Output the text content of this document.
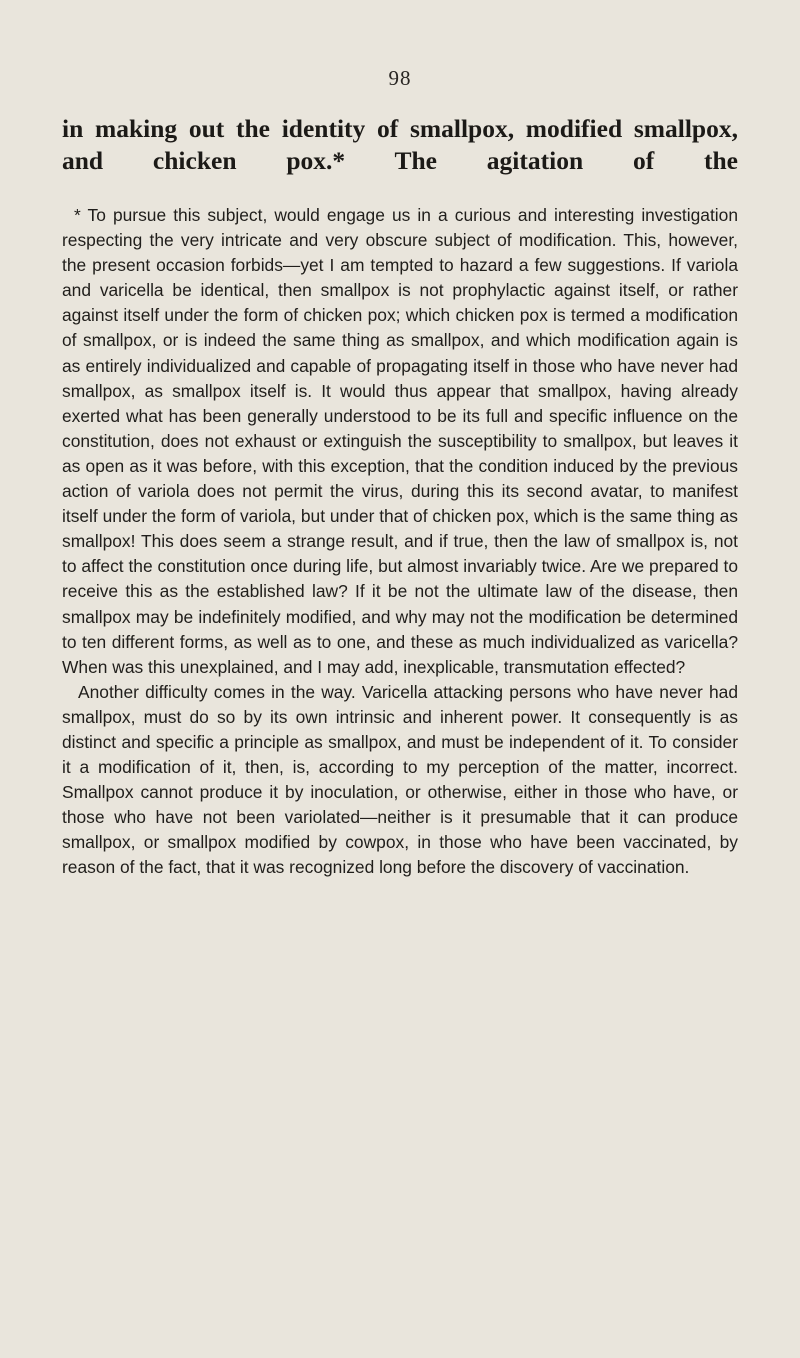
98

in making out the identity of smallpox, modified smallpox, and chicken pox.* The agitation of the

* To pursue this subject, would engage us in a curious and interesting investigation respecting the very intricate and very obscure subject of modification. This, however, the present occasion forbids—yet I am tempted to hazard a few suggestions. If variola and varicella be identical, then smallpox is not prophylactic against itself, or rather against itself under the form of chicken pox; which chicken pox is termed a modification of smallpox, or is indeed the same thing as smallpox, and which modification again is as entirely individualized and capable of propagating itself in those who have never had smallpox, as smallpox itself is. It would thus appear that smallpox, having already exerted what has been generally understood to be its full and specific influence on the constitution, does not exhaust or extinguish the susceptibility to smallpox, but leaves it as open as it was before, with this exception, that the condition induced by the previous action of variola does not permit the virus, during this its second avatar, to manifest itself under the form of variola, but under that of chicken pox, which is the same thing as smallpox! This does seem a strange result, and if true, then the law of smallpox is, not to affect the constitution once during life, but almost invariably twice. Are we prepared to receive this as the established law? If it be not the ultimate law of the disease, then smallpox may be indefinitely modified, and why may not the modification be determined to ten different forms, as well as to one, and these as much individualized as varicella? When was this unexplained, and I may add, inexplicable, transmutation effected?

Another difficulty comes in the way. Varicella attacking persons who have never had smallpox, must do so by its own intrinsic and inherent power. It consequently is as distinct and specific a principle as smallpox, and must be independent of it. To consider it a modification of it, then, is, according to my perception of the matter, incorrect. Smallpox cannot produce it by inoculation, or otherwise, either in those who have, or those who have not been variolated—neither is it presumable that it can produce smallpox, or smallpox modified by cowpox, in those who have been vaccinated, by reason of the fact, that it was recognized long before the discovery of vaccination.
